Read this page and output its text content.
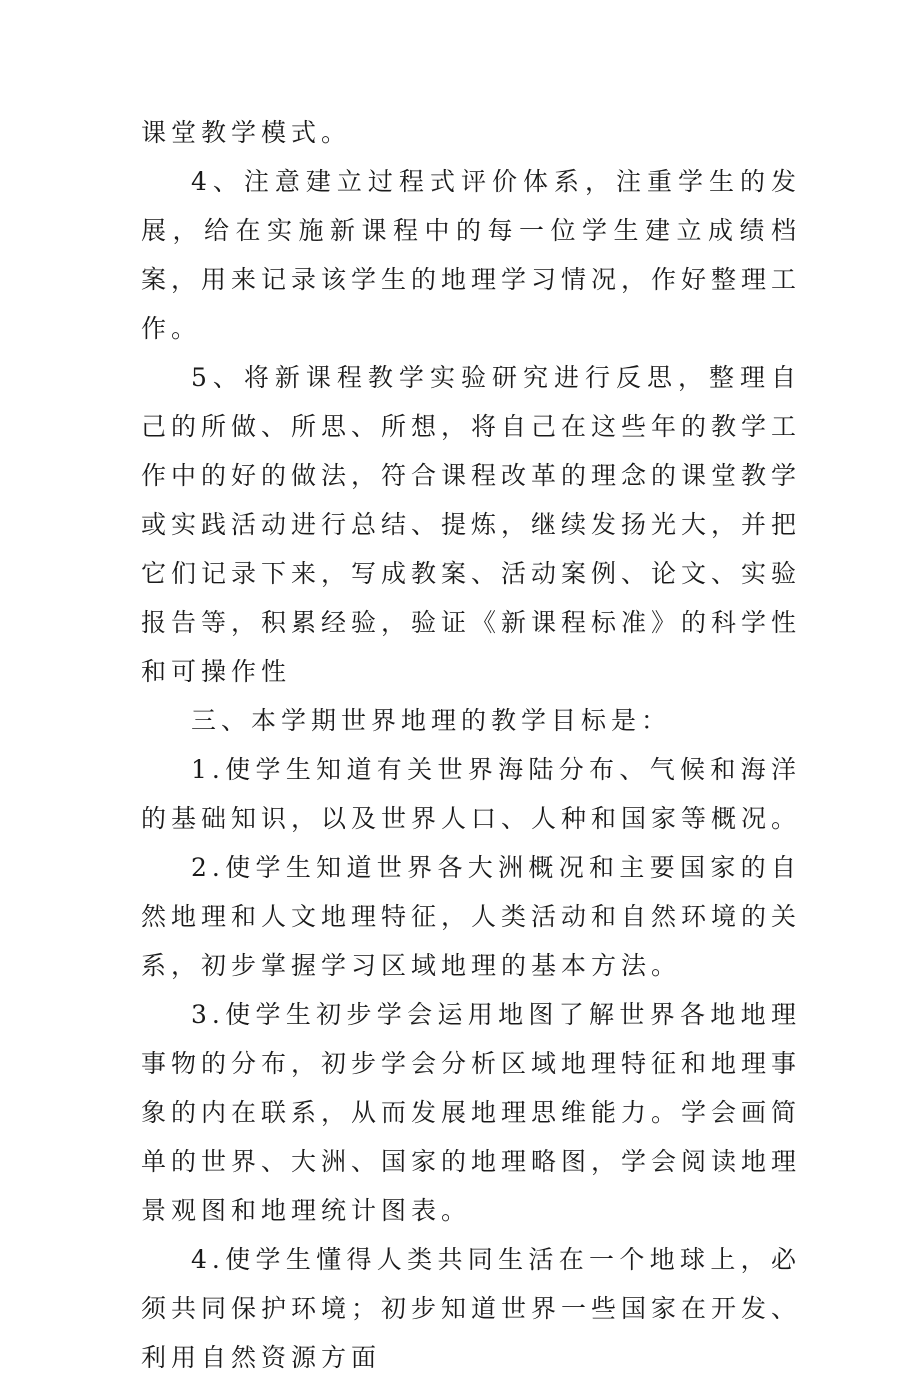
课堂教学模式。

4、注意建立过程式评价体系，注重学生的发展，给在实施新课程中的每一位学生建立成绩档案，用来记录该学生的地理学习情况，作好整理工作。

5、将新课程教学实验研究进行反思，整理自己的所做、所思、所想，将自己在这些年的教学工作中的好的做法，符合课程改革的理念的课堂教学或实践活动进行总结、提炼，继续发扬光大，并把它们记录下来，写成教案、活动案例、论文、实验报告等，积累经验，验证《新课程标准》的科学性和可操作性

三、本学期世界地理的教学目标是：

1.使学生知道有关世界海陆分布、气候和海洋的基础知识，以及世界人口、人种和国家等概况。

2.使学生知道世界各大洲概况和主要国家的自然地理和人文地理特征，人类活动和自然环境的关系，初步掌握学习区域地理的基本方法。

3.使学生初步学会运用地图了解世界各地地理事物的分布，初步学会分析区域地理特征和地理事象的内在联系，从而发展地理思维能力。学会画简单的世界、大洲、国家的地理略图，学会阅读地理景观图和地理统计图表。

4.使学生懂得人类共同生活在一个地球上，必须共同保护环境；初步知道世界一些国家在开发、利用自然资源方面
